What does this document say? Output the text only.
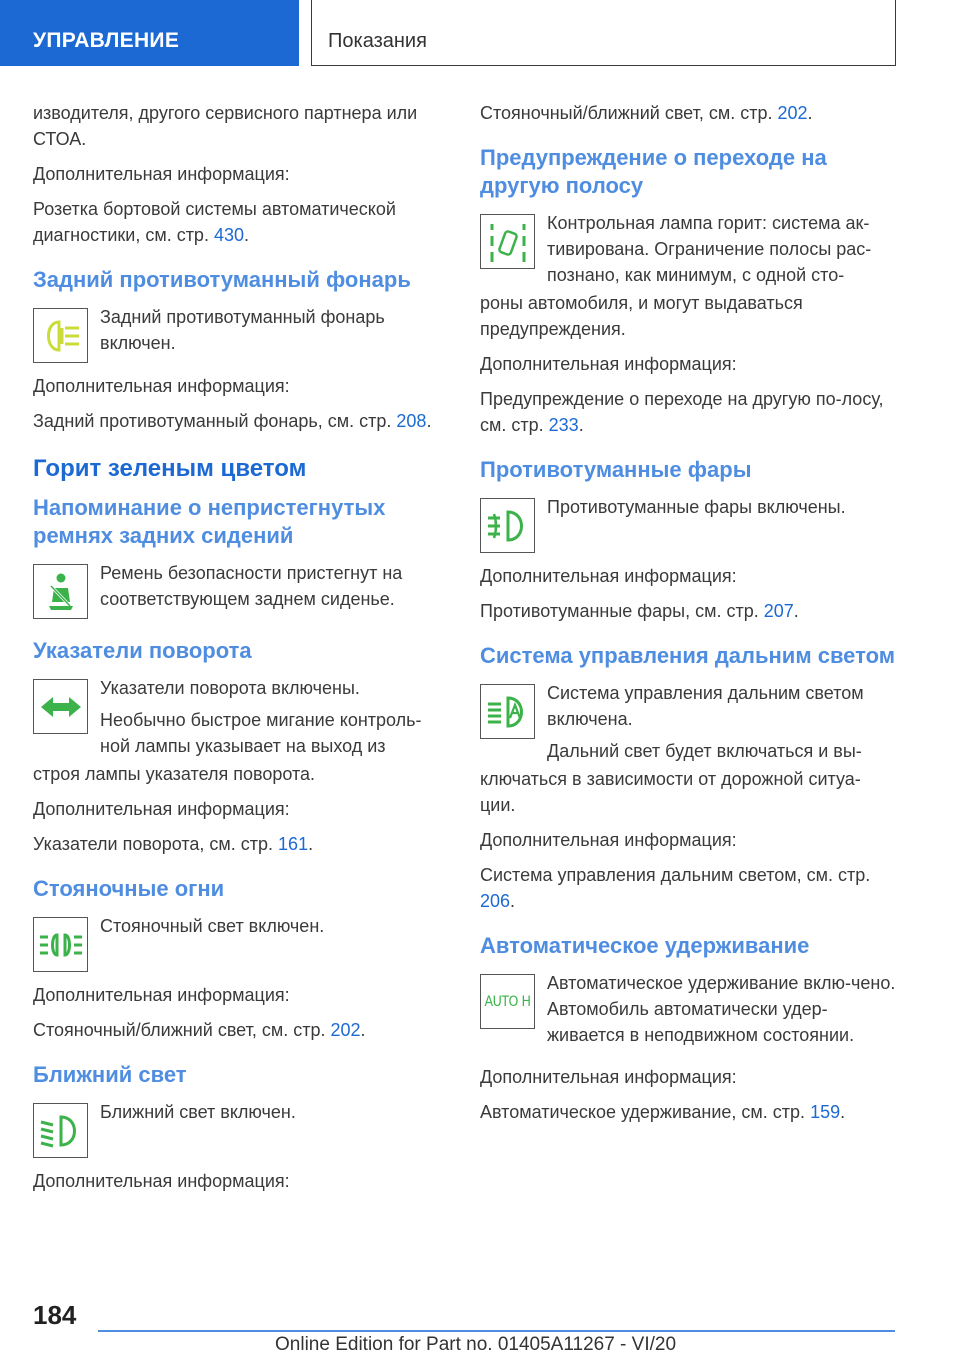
УПРАВЛЕНИЕ	Показания

изводителя, другого сервисного партнера или СТОА.

Дополнительная информация:

Розетка бортовой системы автоматической диагностики, см. стр. 430.

Задний противотуманный фонарь

Задний противотуманный фонарь включен.

Дополнительная информация:

Задний противотуманный фонарь, см. стр. 208.

Горит зеленым цветом
Напоминание о непристегнутых ремнях задних сидений

Ремень безопасности пристегнут на соответствующем заднем сиденье.

Указатели поворота

Указатели поворота включены.

Необычно быстрое мигание контроль-ной лампы указывает на выход из

строя лампы указателя поворота.

Дополнительная информация:

Указатели поворота, см. стр. 161.

Стояночные огни

Стояночный свет включен.

Дополнительная информация:

Стояночный/ближний свет, см. стр. 202.

Ближний свет

Ближний свет включен.

Дополнительная информация:

Стояночный/ближний свет, см. стр. 202.

Предупреждение о переходе на другую полосу

Контрольная лампа горит: система ак-тивирована. Ограничение полосы рас-познано, как минимум, с одной сто-

роны автомобиля, и могут выдаваться предупреждения.

Дополнительная информация:

Предупреждение о переходе на другую по-лосу, см. стр. 233.

Противотуманные фары

Противотуманные фары включены.

Дополнительная информация:

Противотуманные фары, см. стр. 207.

Система управления дальним светом

Система управления дальним светом включена.

Дальний свет будет включаться и вы-

ключаться в зависимости от дорожной ситуа-ции.

Дополнительная информация:

Система управления дальним светом, см. стр. 206.

Автоматическое удерживание
AUTO H

Автоматическое удерживание вклю-чено. Автомобиль автоматически удер-живается в неподвижном состоянии.

Дополнительная информация:

Автоматическое удерживание, см. стр. 159.

184
Online Edition for Part no. 01405A11267 - VI/20
